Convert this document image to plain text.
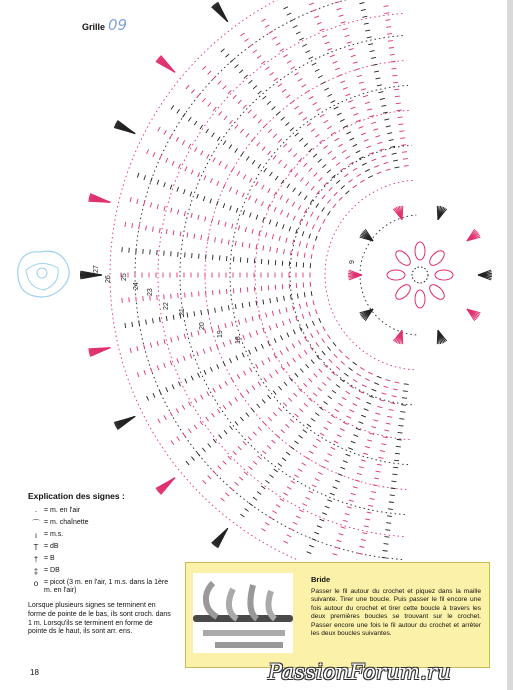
27
26 25
24
23
22
21
20
19
18
9
Grille 09
Explication des signes :
· = m. en l'air
⌒ = m. chaînette
ı = m.s.
T = dB
† = B
‡ = DB
o = picot (3 m. en l'air, 1 m.s. dans la 1ère m. en l'air)
Lorsque plusieurs signes se terminent en forme de pointe de le bas, ils sont croch. dans 1 m. Lorsqu'ils se terminent en forme de pointe ds le haut, ils sont arr. ens.
Bride
Passer le fil autour du crochet et piquez dans la maille suivante. Tirer une boucle. Puis passer le fil encore une fois autour du crochet et tirer cette boucle à travers les deux premières boucles se trouvant sur le crochet. Passer encore une fois le fil autour du crochet et arrêter les deux boucles suivantes.
18	PassionForum.ru
